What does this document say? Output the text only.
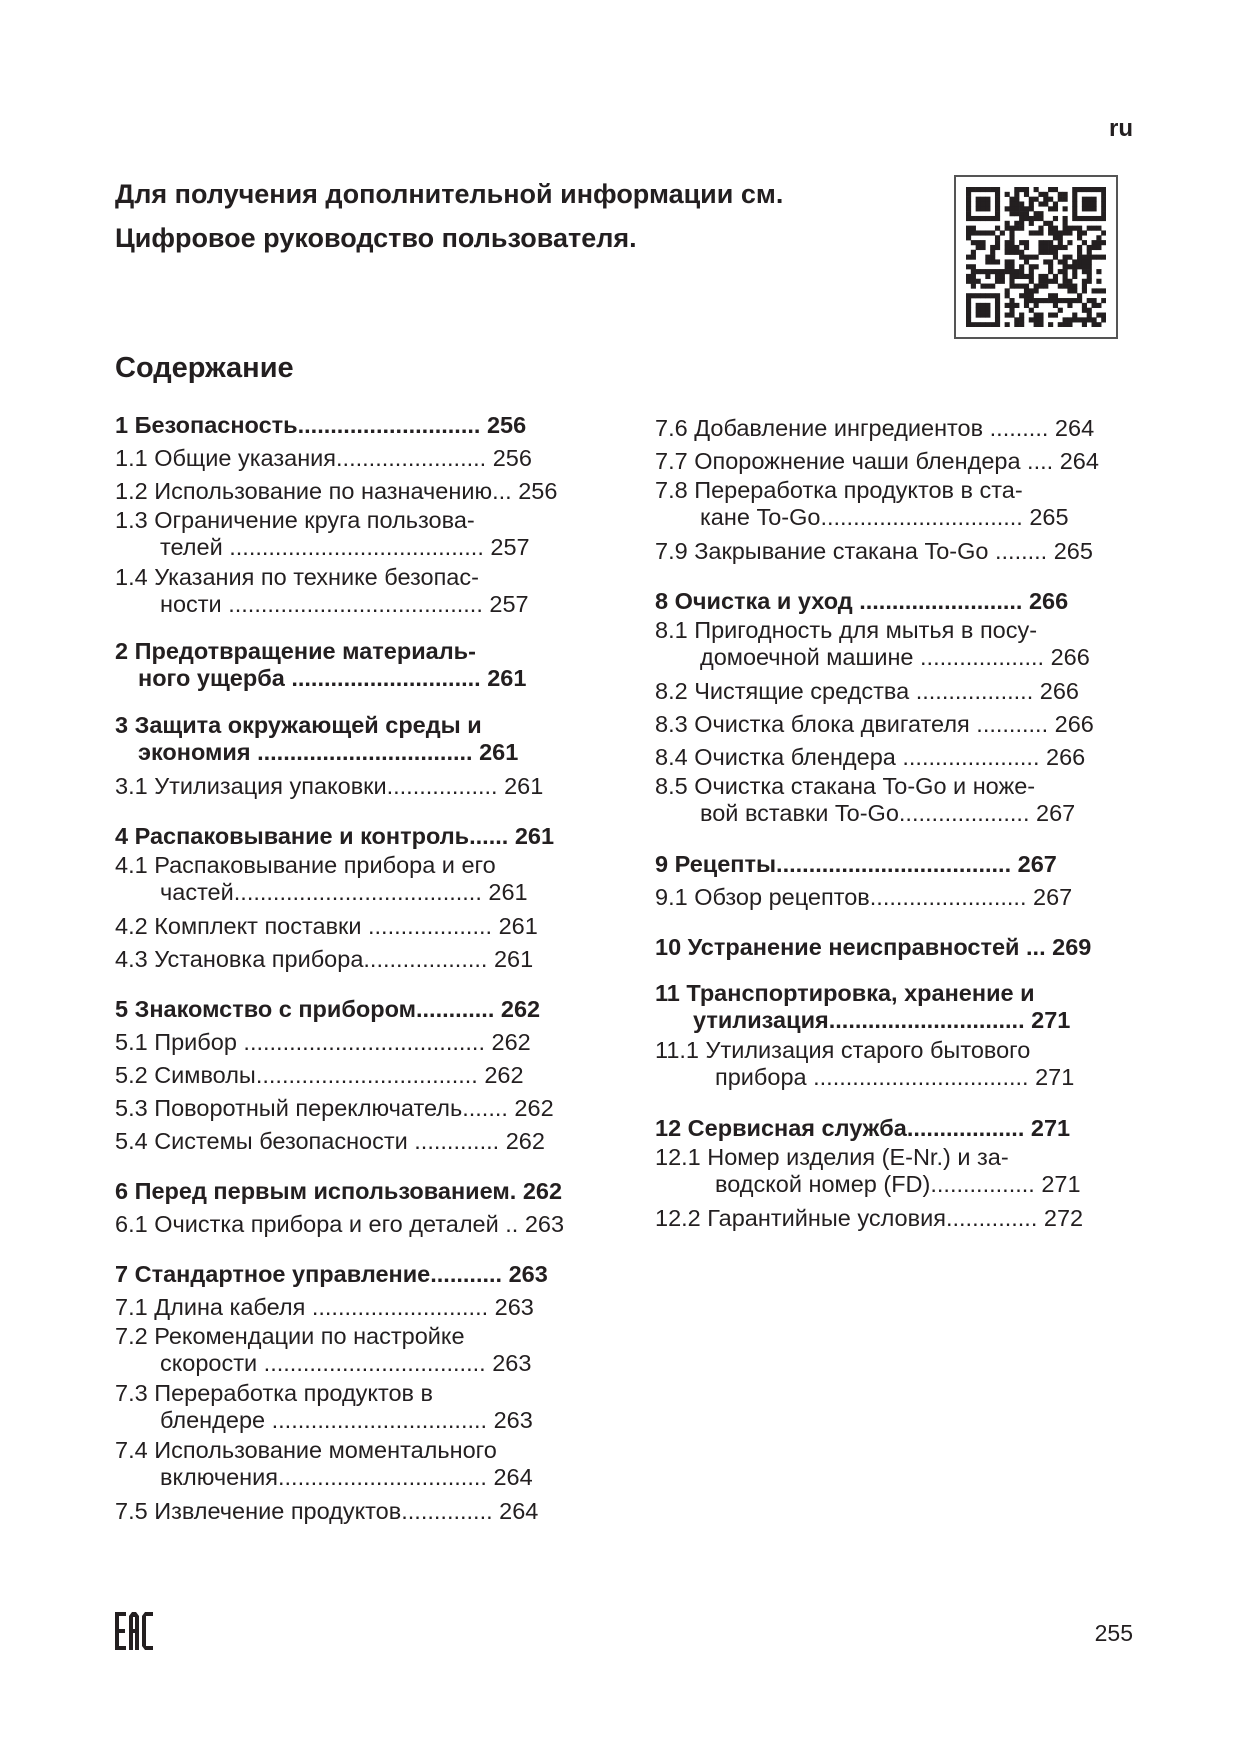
ru
Для получения дополнительной информации см.
Цифровое руководство пользователя.
Содержание
1 Безопасность............................ 256
1.1 Общие указания....................... 256
1.2 Использование по назначению... 256
1.3 Ограничение круга пользова-
телей ....................................... 257
1.4 Указания по технике безопас-
ности ....................................... 257
2 Предотвращение материаль-
ного ущерба ............................. 261
3 Защита окружающей среды и
экономия ................................. 261
3.1 Утилизация упаковки................. 261
4 Распаковывание и контроль...... 261
4.1 Распаковывание прибора и его
частей...................................... 261
4.2 Комплект поставки ................... 261
4.3 Установка прибора................... 261
5 Знакомство с прибором............ 262
5.1 Прибор ..................................... 262
5.2 Символы.................................. 262
5.3 Поворотный переключатель....... 262
5.4 Системы безопасности ............. 262
6 Перед первым использованием. 262
6.1 Очистка прибора и его деталей .. 263
7 Стандартное управление........... 263
7.1 Длина кабеля ........................... 263
7.2 Рекомендации по настройке
скорости .................................. 263
7.3 Переработка продуктов в
блендере ................................. 263
7.4 Использование моментального
включения................................ 264
7.5 Извлечение продуктов.............. 264
7.6 Добавление ингредиентов ......... 264
7.7 Опорожнение чаши блендера .... 264
7.8 Переработка продуктов в ста-
кане To-Go............................... 265
7.9 Закрывание стакана To-Go ........ 265
8 Очистка и уход ......................... 266
8.1 Пригодность для мытья в посу-
домоечной машине ................... 266
8.2 Чистящие средства .................. 266
8.3 Очистка блока двигателя ........... 266
8.4 Очистка блендера ..................... 266
8.5 Очистка стакана To-Go и ноже-
вой вставки To-Go.................... 267
9 Рецепты.................................... 267
9.1 Обзор рецептов........................ 267
10 Устранение неисправностей ... 269
11 Транспортировка, хранение и
утилизация.............................. 271
11.1 Утилизация старого бытового
прибора ................................. 271
12 Сервисная служба.................. 271
12.1 Номер изделия (E-Nr.) и за-
водской номер (FD)................ 271
12.2 Гарантийные условия.............. 272
255
